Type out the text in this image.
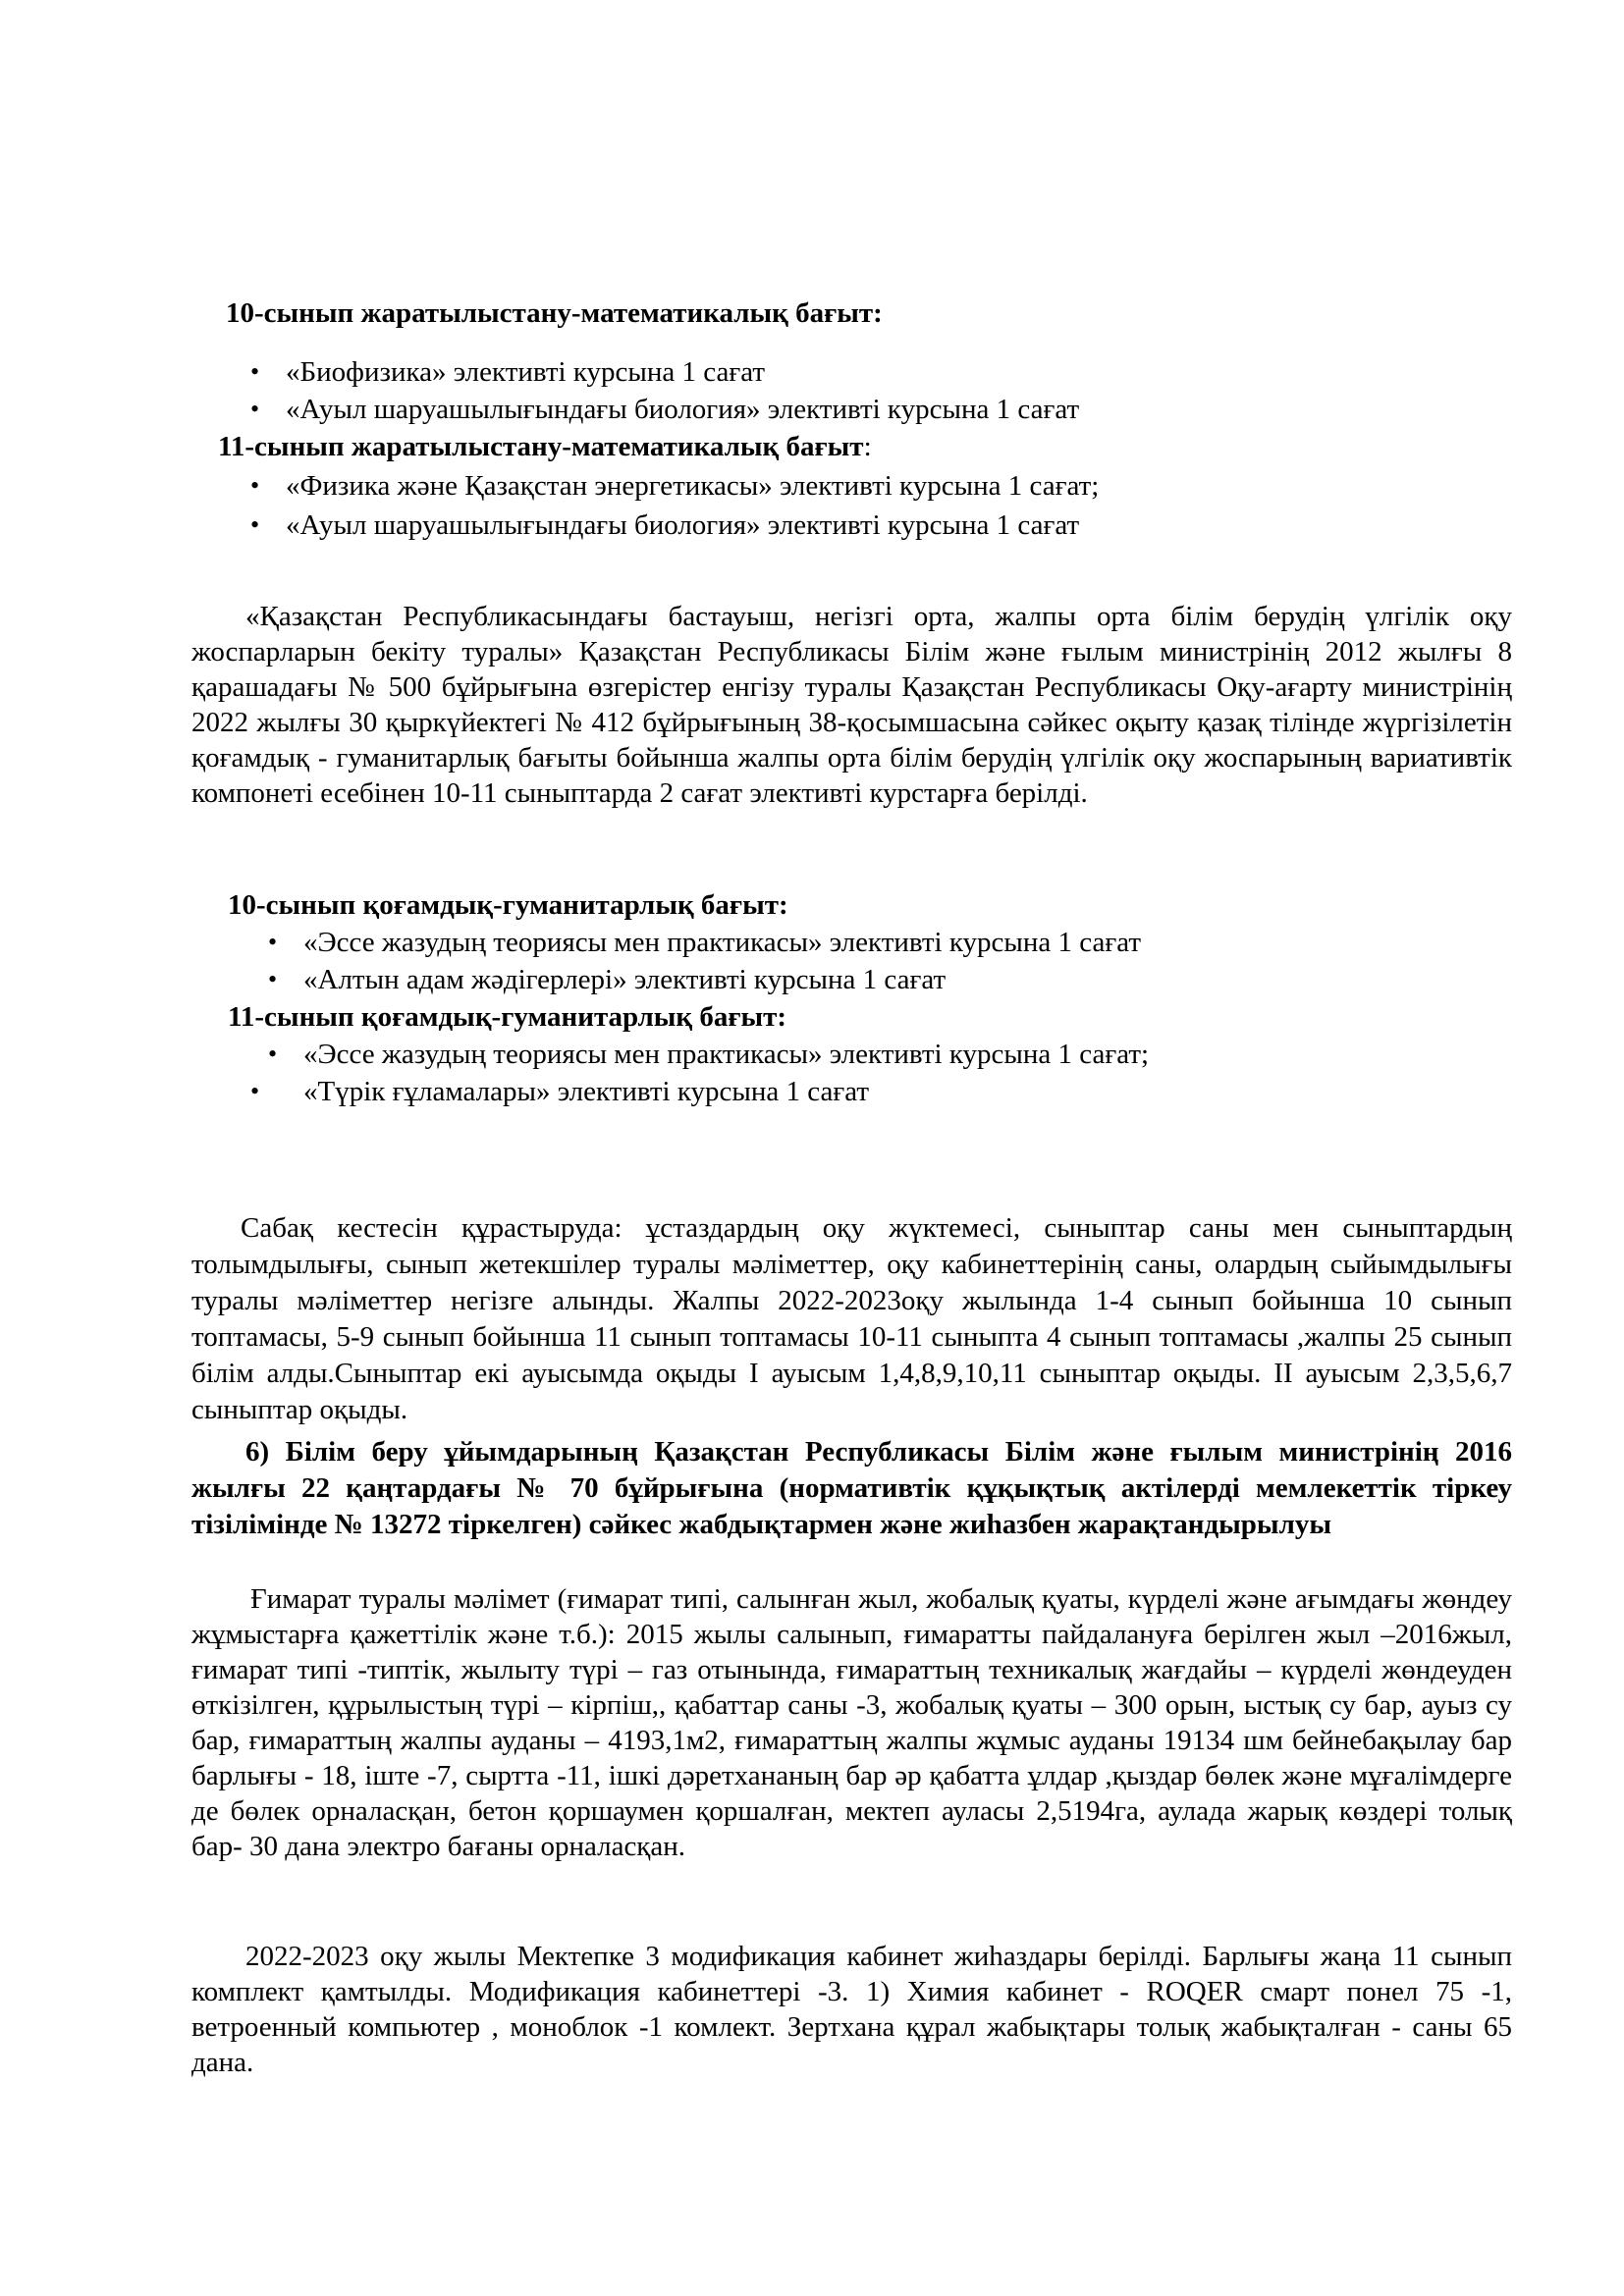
10-сынып жаратылыстану-математикалық бағыт:

• «Биофизика» элективті курсына 1 сағат
• «Ауыл шаруашылығындағы биология» элективті курсына 1 сағат

11-сынып жаратылыстану-математикалық бағыт:

• «Физика және Қазақстан энергетикасы» элективті курсына 1 сағат;
• «Ауыл шаруашылығындағы биология» элективті курсына 1 сағат

«Қазақстан Республикасындағы бастауыш, негізгі орта, жалпы орта білім берудің үлгілік оқу жоспарларын бекіту туралы» Қазақстан Республикасы Білім және ғылым министрінің 2012 жылғы 8 қарашадағы № 500 бұйрығына өзгерістер енгізу туралы Қазақстан Республикасы Оқу-ағарту министрінің 2022 жылғы 30 қыркүйектегі № 412 бұйрығының 38-қосымшасына сәйкес оқыту қазақ тілінде жүргізілетін қоғамдық - гуманитарлық бағыты бойынша жалпы орта білім берудің үлгілік оқу жоспарының вариативтік компонеті есебінен 10-11 сыныптарда 2 сағат элективті курстарға берілді.

10-сынып қоғамдық-гуманитарлық бағыт:

• «Эссе жазудың теориясы мен практикасы» элективті курсына 1 сағат
• «Алтын адам жәдігерлері» элективті курсына 1 сағат

11-сынып қоғамдық-гуманитарлық бағыт:

• «Эссе жазудың теориясы мен практикасы» элективті курсына 1 сағат;
• «Түрік ғұламалары» элективті курсына 1 сағат

Сабақ кестесін құрастыруда: ұстаздардың оқу жүктемесі, сыныптар саны мен сыныптардың толымдылығы, сынып жетекшілер туралы мәліметтер, оқу кабинеттерінің саны, олардың сыйымдылығы туралы мәліметтер негізге алынды. Жалпы 2022-2023оқу жылында 1-4 сынып бойынша 10 сынып топтамасы, 5-9 сынып бойынша 11 сынып топтамасы 10-11 сыныпта 4 сынып топтамасы ,жалпы 25 сынып білім алды.Сыныптар екі ауысымда оқыды І ауысым 1,4,8,9,10,11 сыныптар оқыды. ІІ ауысым 2,3,5,6,7 сыныптар оқыды.

6) Білім беру ұйымдарының Қазақстан Республикасы Білім және ғылым министрінің 2016 жылғы 22 қаңтардағы № 70 бұйрығына (нормативтік құқықтық актілерді мемлекеттік тіркеу тізілімінде № 13272 тіркелген) сәйкес жабдықтармен және жиһазбен жарақтандырылуы

Ғимарат туралы мәлімет (ғимарат типі, салынған жыл, жобалық қуаты, күрделі және ағымдағы жөндеу жұмыстарға қажеттілік және т.б.): 2015 жылы салынып, ғимаратты пайдалануға берілген жыл –2016жыл, ғимарат типі -типтік, жылыту түрі – газ отынында, ғимараттың техникалық жағдайы – күрделі жөндеуден өткізілген, құрылыстың түрі – кірпіш,, қабаттар саны -3, жобалық қуаты – 300 орын, ыстық су бар, ауыз су бар, ғимараттың жалпы ауданы – 4193,1м2, ғимараттың жалпы жұмыс ауданы 19134 шм бейнебақылау бар барлығы - 18, іште -7, сыртта -11, ішкі дәретхананың бар әр қабатта ұлдар ,қыздар бөлек және мұғалімдерге де бөлек орналасқан, бетон қоршаумен қоршалған, мектеп ауласы 2,5194га, аулада жарық көздері толық бар- 30 дана электро бағаны орналасқан.

2022-2023 оқу жылы Мектепке 3 модификация кабинет жиһаздары берілді. Барлығы жаңа 11 сынып комплект қамтылды. Модификация кабинеттері -3. 1) Химия кабинет - ROQER смарт понел 75 -1, ветроенный компьютер , моноблок -1 комлект. Зертхана құрал жабықтары толық жабықталған - саны 65 дана.
